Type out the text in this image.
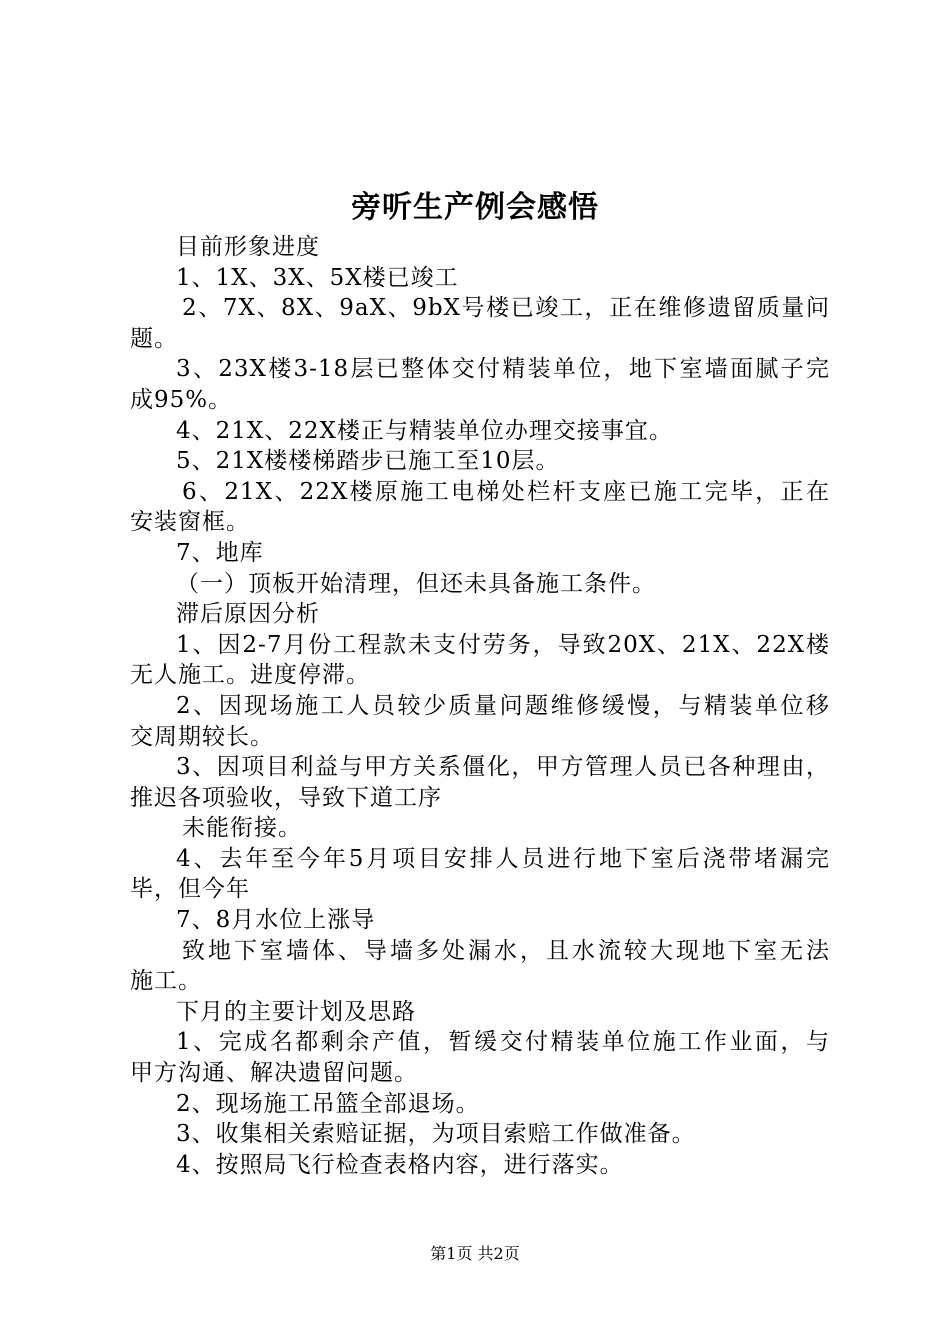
旁听生产例会感悟
目前形象进度
1、1X、3X、5X楼已竣工
2、7X、8X、9aX、9bX号楼已竣工，正在维修遗留质量问
题。
3、23X楼3-18层已整体交付精装单位，地下室墙面腻子完
成95%。
4、21X、22X楼正与精装单位办理交接事宜。
5、21X楼楼梯踏步已施工至10层。
6、21X、22X楼原施工电梯处栏杆支座已施工完毕，正在
安装窗框。
7、地库
（一）顶板开始清理，但还未具备施工条件。
滞后原因分析
1、因2-7月份工程款未支付劳务，导致20X、21X、22X楼
无人施工。进度停滞。
2、因现场施工人员较少质量问题维修缓慢，与精装单位移
交周期较长。
3、因项目利益与甲方关系僵化，甲方管理人员已各种理由，
推迟各项验收，导致下道工序
未能衔接。
4、去年至今年5月项目安排人员进行地下室后浇带堵漏完
毕，但今年
7、8月水位上涨导
致地下室墙体、导墙多处漏水，且水流较大现地下室无法
施工。
下月的主要计划及思路
1、完成名都剩余产值，暂缓交付精装单位施工作业面，与
甲方沟通、解决遗留问题。
2、现场施工吊篮全部退场。
3、收集相关索赔证据，为项目索赔工作做准备。
4、按照局飞行检查表格内容，进行落实。
第1页 共2页
